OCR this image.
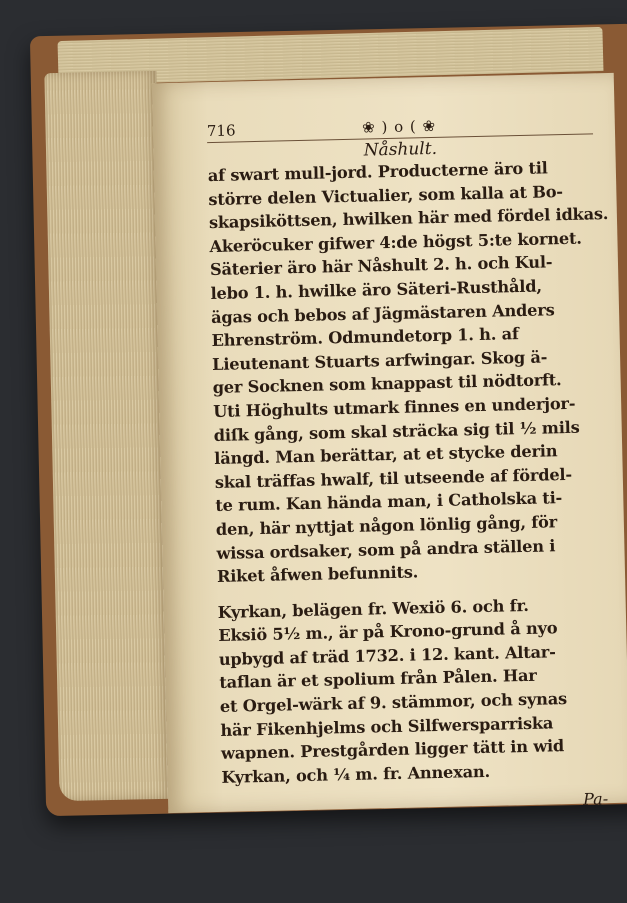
716	❀ ) o ( ❀
Nåshult.
af swart mull-jord. Producterne äro til
större delen Victualier, som kalla at Bo-
skapsiköttsen, hwilken här med fördel idkas.
Akeröcuker gifwer 4:de högst 5:te kornet.
Säterier äro här Nåshult 2. h. och Kul-
lebo 1. h. hwilke äro Säteri-Rusthåld,
ägas och bebos af Jägmästaren Anders
Ehrenström. Odmundetorp 1. h. af
Lieutenant Stuarts arfwingar. Skog ä-
ger Socknen som knappast til nödtorft.
Uti Höghults utmark finnes en underjor-
diſk gång, som skal sträcka sig til ½ mils
längd. Man berättar, at et stycke derin
skal träffas hwalf, til utseende af fördel-
te rum. Kan hända man, i Catholska ti-
den, här nyttjat någon lönlig gång, för
wissa ordsaker, som på andra ställen i
Riket åfwen befunnits.
Kyrkan, belägen fr. Wexiö 6. och fr.
Eksiö 5½ m., är på Krono-grund å nyo
upbygd af träd 1732. i 12. kant. Altar-
taflan är et spolium från Pålen. Har
et Orgel-wärk af 9. stämmor, och synas
här Fikenhjelms och Silfwersparriska
wapnen. Prestgården ligger tätt in wid
Kyrkan, och ¼ m. fr. Annexan.
Pa-
